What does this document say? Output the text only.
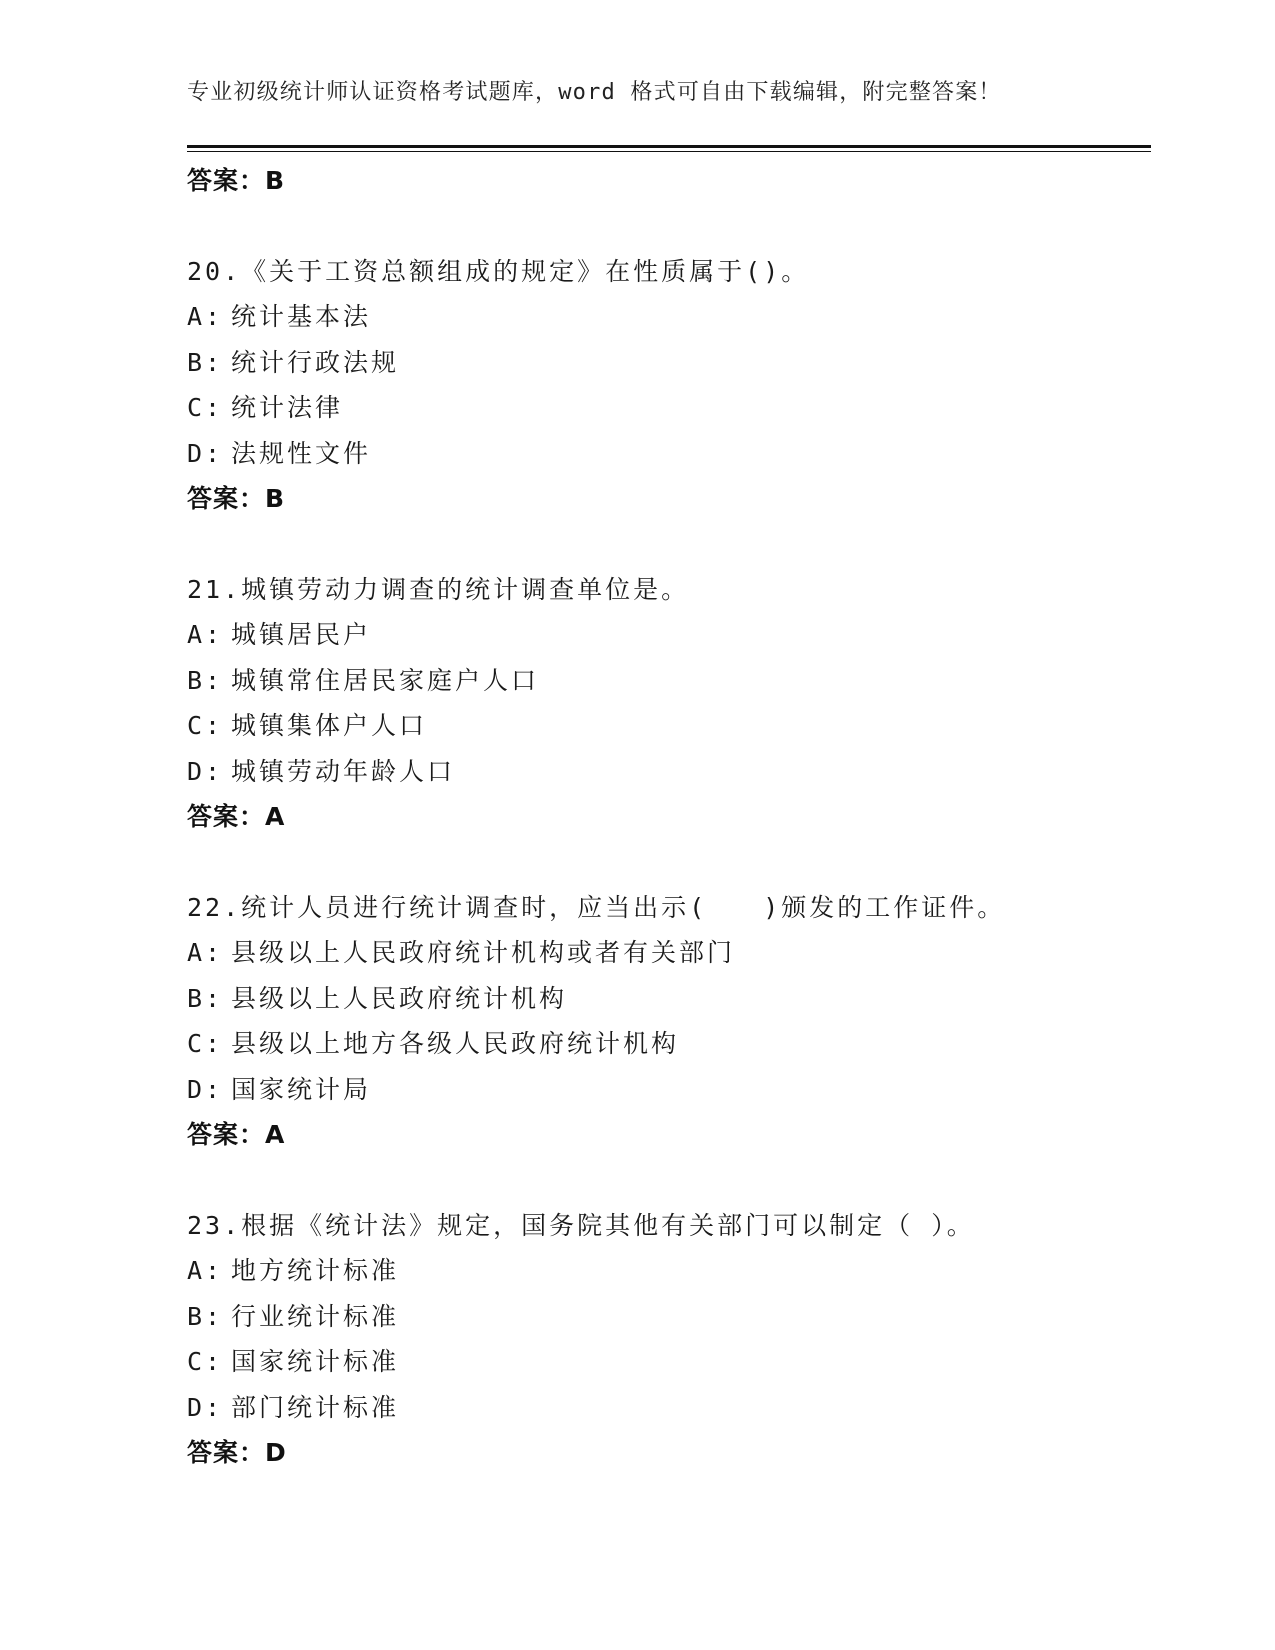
专业初级统计师认证资格考试题库，word 格式可自由下载编辑，附完整答案！
答案：B
20.《关于工资总额组成的规定》在性质属于()。
A: 统计基本法
B: 统计行政法规
C: 统计法律
D: 法规性文件
答案：B
21.城镇劳动力调查的统计调查单位是。
A: 城镇居民户
B: 城镇常住居民家庭户人口
C: 城镇集体户人口
D: 城镇劳动年龄人口
答案：A
22.统计人员进行统计调查时，应当出示(　　)颁发的工作证件。
A: 县级以上人民政府统计机构或者有关部门
B: 县级以上人民政府统计机构
C: 县级以上地方各级人民政府统计机构
D: 国家统计局
答案：A
23.根据《统计法》规定，国务院其他有关部门可以制定（ ）。
A: 地方统计标准
B: 行业统计标准
C: 国家统计标准
D: 部门统计标准
答案：D
